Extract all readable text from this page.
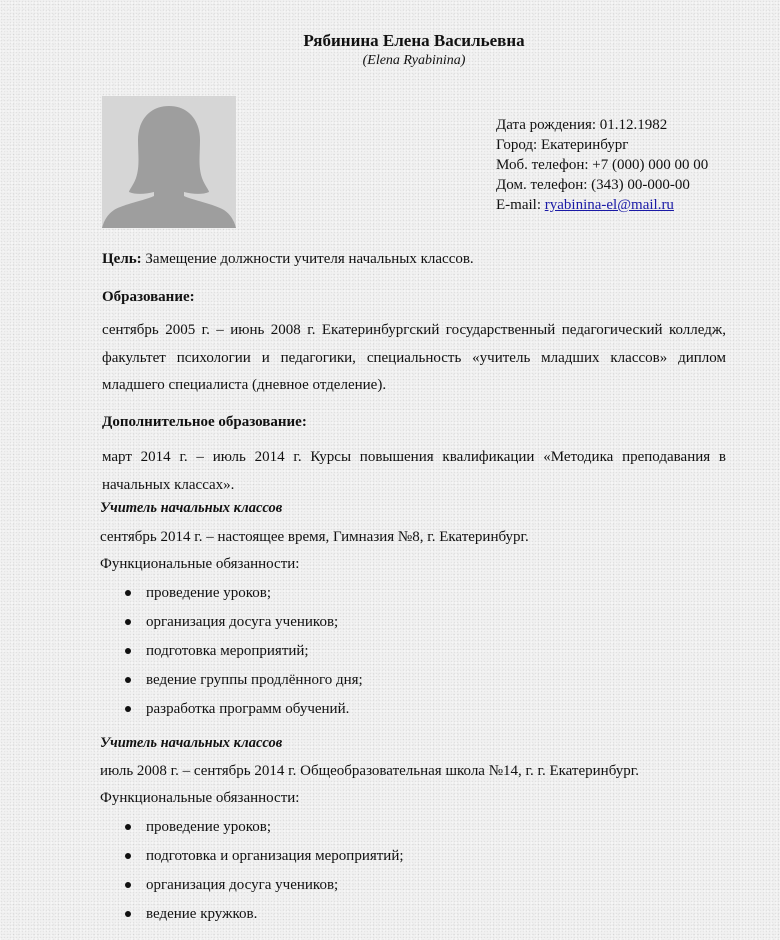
Рябинина Елена Васильевна
(Elena Ryabinina)
Дата рождения: 01.12.1982
Город: Екатеринбург
Моб. телефон: +7 (000) 000 00 00
Дом. телефон: (343) 00-000-00
E-mail: ryabinina-el@mail.ru
Цель: Замещение должности учителя начальных классов.
Образование:
сентябрь 2005 г. – июнь 2008 г. Екатеринбургский государственный педагогический колледж, факультет психологии и педагогики, специальность «учитель младших классов» диплом младшего специалиста (дневное отделение).
Дополнительное образование:
март 2014 г. – июль 2014 г. Курсы повышения квалификации «Методика преподавания в начальных классах».
Учитель начальных классов
сентябрь 2014 г. – настоящее время, Гимназия №8, г. Екатеринбург.
Функциональные обязанности:
проведение уроков;
организация досуга учеников;
подготовка мероприятий;
ведение группы продлённого дня;
разработка программ обучений.
Учитель начальных классов
июль 2008 г. – сентябрь 2014 г. Общеобразовательная школа №14, г. г. Екатеринбург.
Функциональные обязанности:
проведение уроков;
подготовка и организация мероприятий;
организация досуга учеников;
ведение кружков.
